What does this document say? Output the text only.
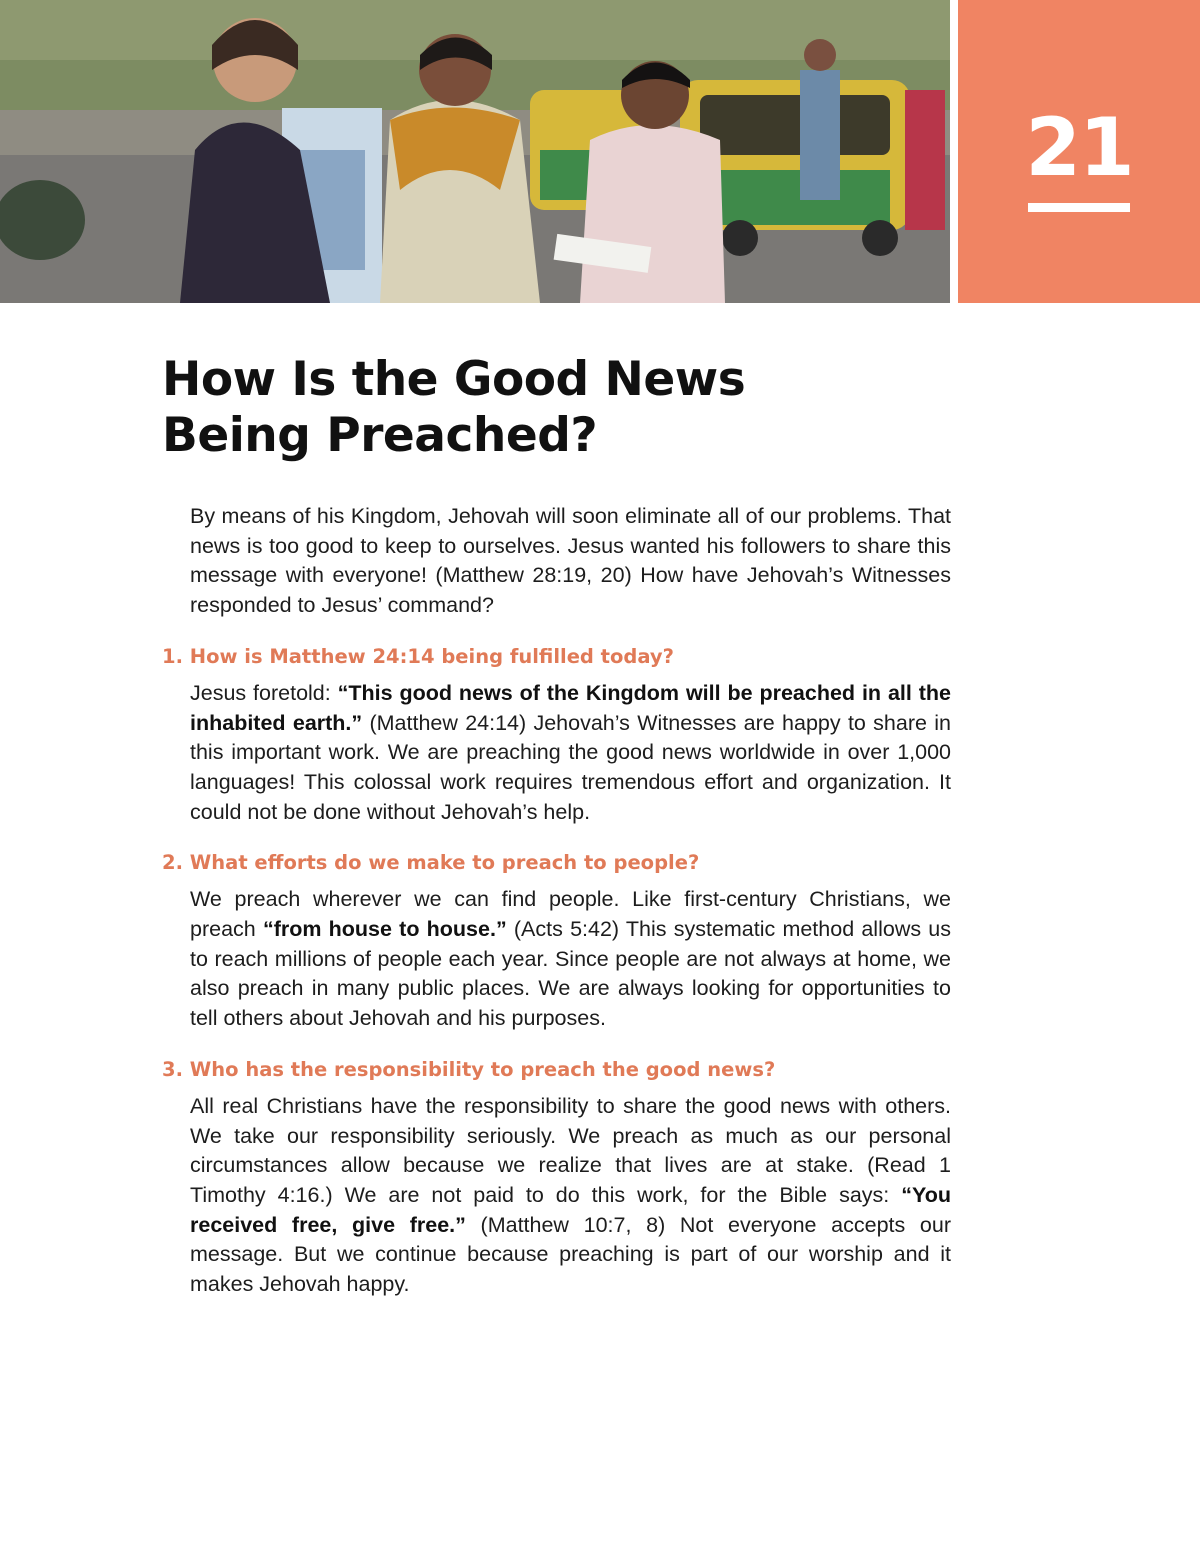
21
How Is the Good News
Being Preached?

By means of his Kingdom, Jehovah will soon eliminate all of our problems. That news is too good to keep to ourselves. Jesus wanted his followers to share this message with everyone! (Matthew 28:19, 20) How have Jehovah’s Witnesses responded to Jesus’ command?

1. How is Matthew 24:14 being fulfilled today?

Jesus foretold: “This good news of the Kingdom will be preached in all the inhabited earth.” (Matthew 24:14) Jehovah’s Witnesses are happy to share in this important work. We are preaching the good news worldwide in over 1,000 languages! This colossal work requires tremendous effort and organization. It could not be done without Jehovah’s help.

2. What efforts do we make to preach to people?

We preach wherever we can find people. Like first-century Christians, we preach “from house to house.” (Acts 5:42) This systematic method allows us to reach millions of people each year. Since people are not always at home, we also preach in many public places. We are always looking for opportunities to tell others about Jehovah and his purposes.

3. Who has the responsibility to preach the good news?

All real Christians have the responsibility to share the good news with others. We take our responsibility seriously. We preach as much as our personal circumstances allow because we realize that lives are at stake. (Read 1 Timothy 4:16.) We are not paid to do this work, for the Bible says: “You received free, give free.” (Matthew 10:7, 8) Not everyone accepts our message. But we continue because preaching is part of our worship and it makes Jehovah happy.
